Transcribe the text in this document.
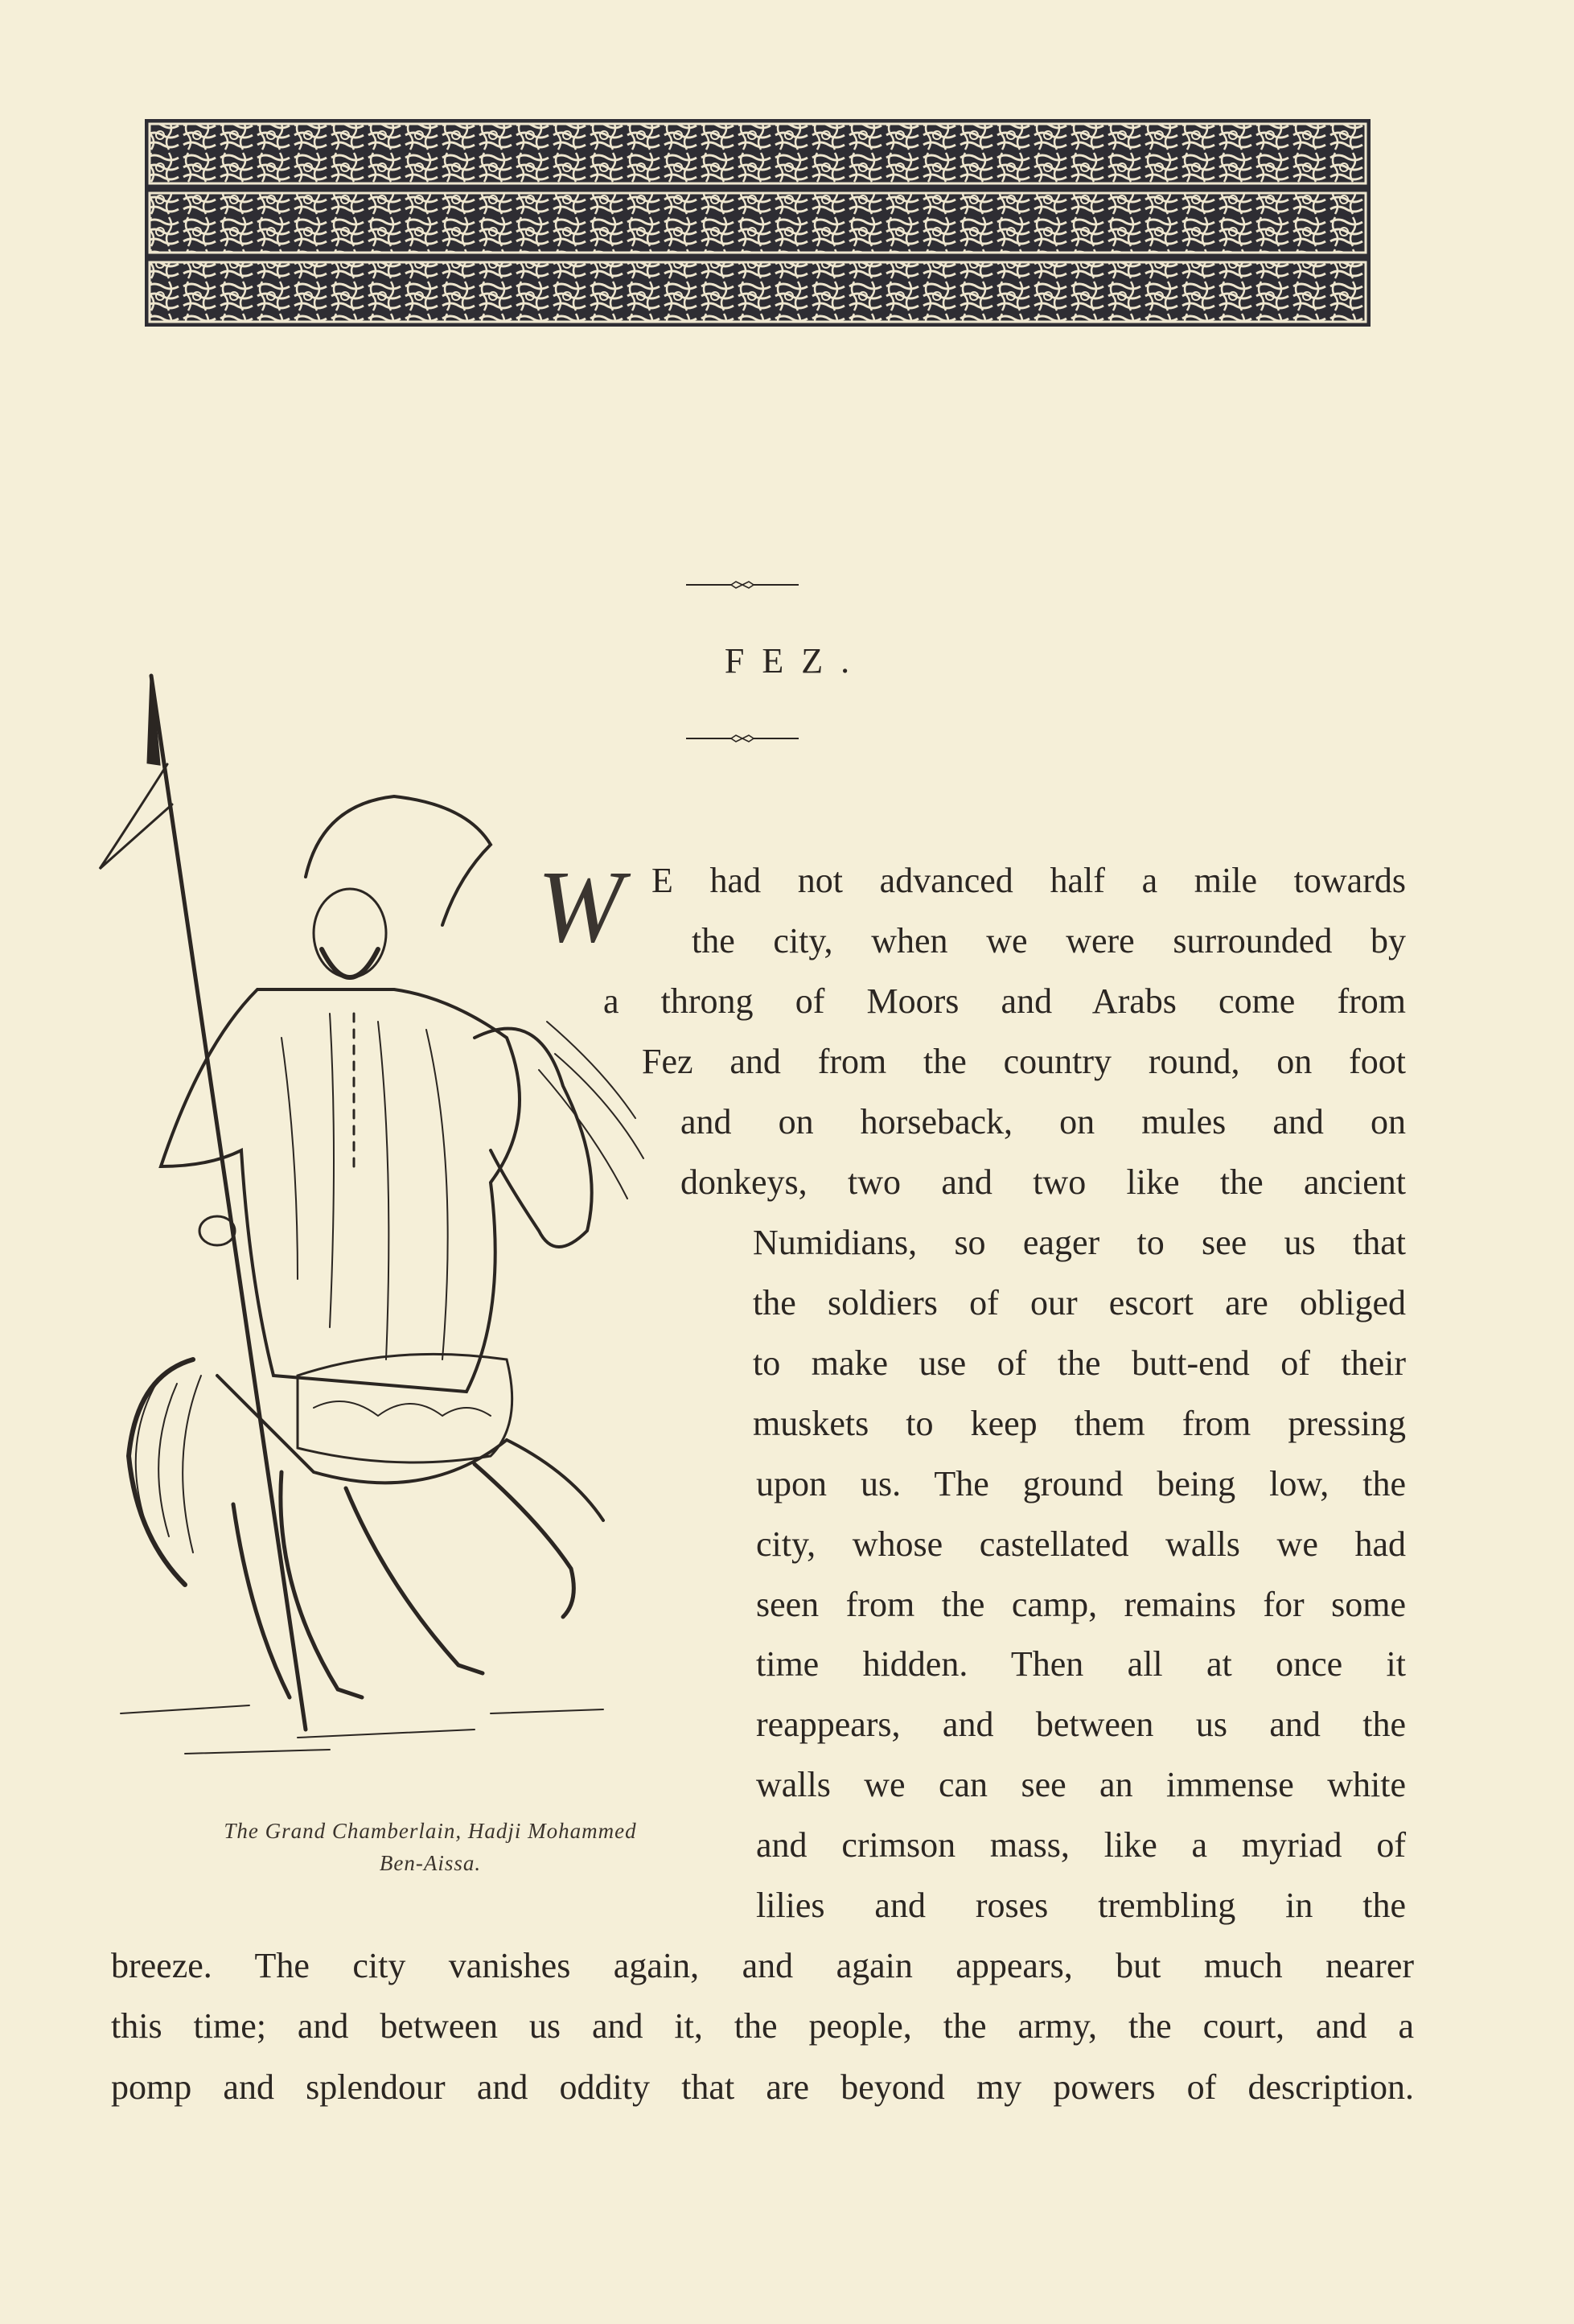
FEZ.
The Grand Chamberlain, Hadji Mohammed
Ben-Aissa.
W E had not advanced half a mile towards
the city, when we were surrounded by
a throng of Moors and Arabs come from
Fez and from the country round, on foot
and on horseback, on mules and on
donkeys, two and two like the ancient
Numidians, so eager to see us that
the soldiers of our escort are obliged
to make use of the butt-end of their
muskets to keep them from pressing
upon us. The ground being low, the
city, whose castellated walls we had
seen from the camp, remains for some
time hidden. Then all at once it
reappears, and between us and the
walls we can see an immense white
and crimson mass, like a myriad of
lilies and roses trembling in the
breeze. The city vanishes again, and again appears, but much nearer
this time; and between us and it, the people, the army, the court, and a
pomp and splendour and oddity that are beyond my powers of description.
